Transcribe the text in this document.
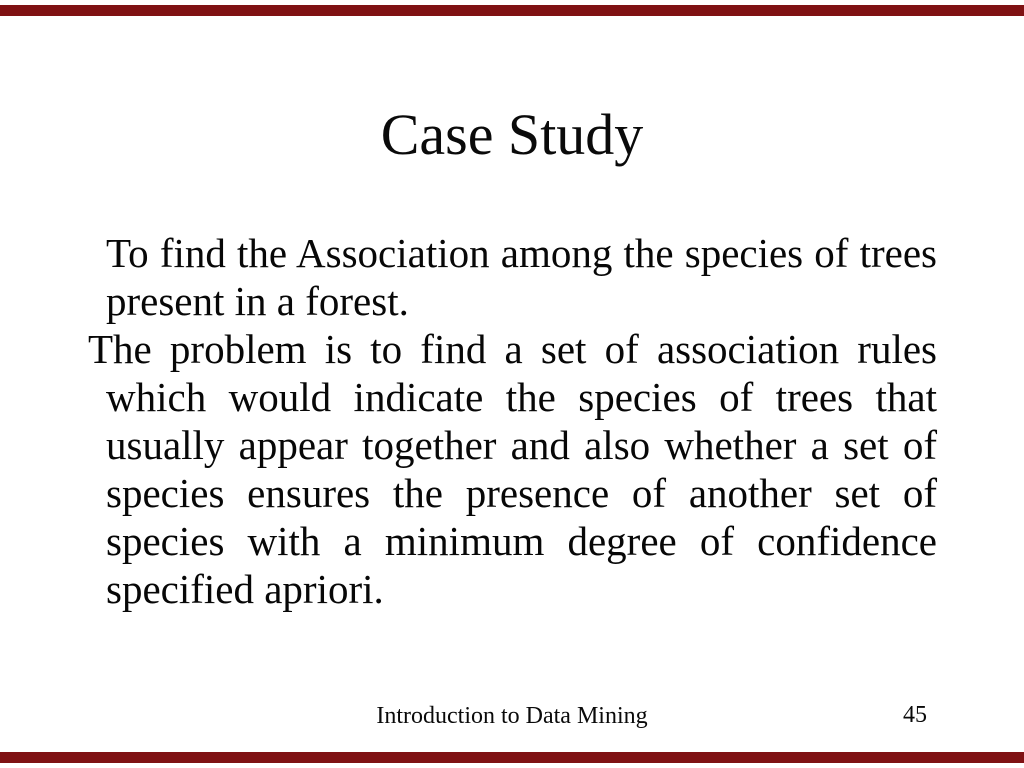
Case Study
To find the Association among the species of trees
present in a forest.
The problem is to find a set of association rules
which would indicate the species of trees that
usually appear together and also whether a set of
species ensures the presence of another set of
species with a minimum degree of confidence
specified apriori.
Introduction to Data Mining	45
